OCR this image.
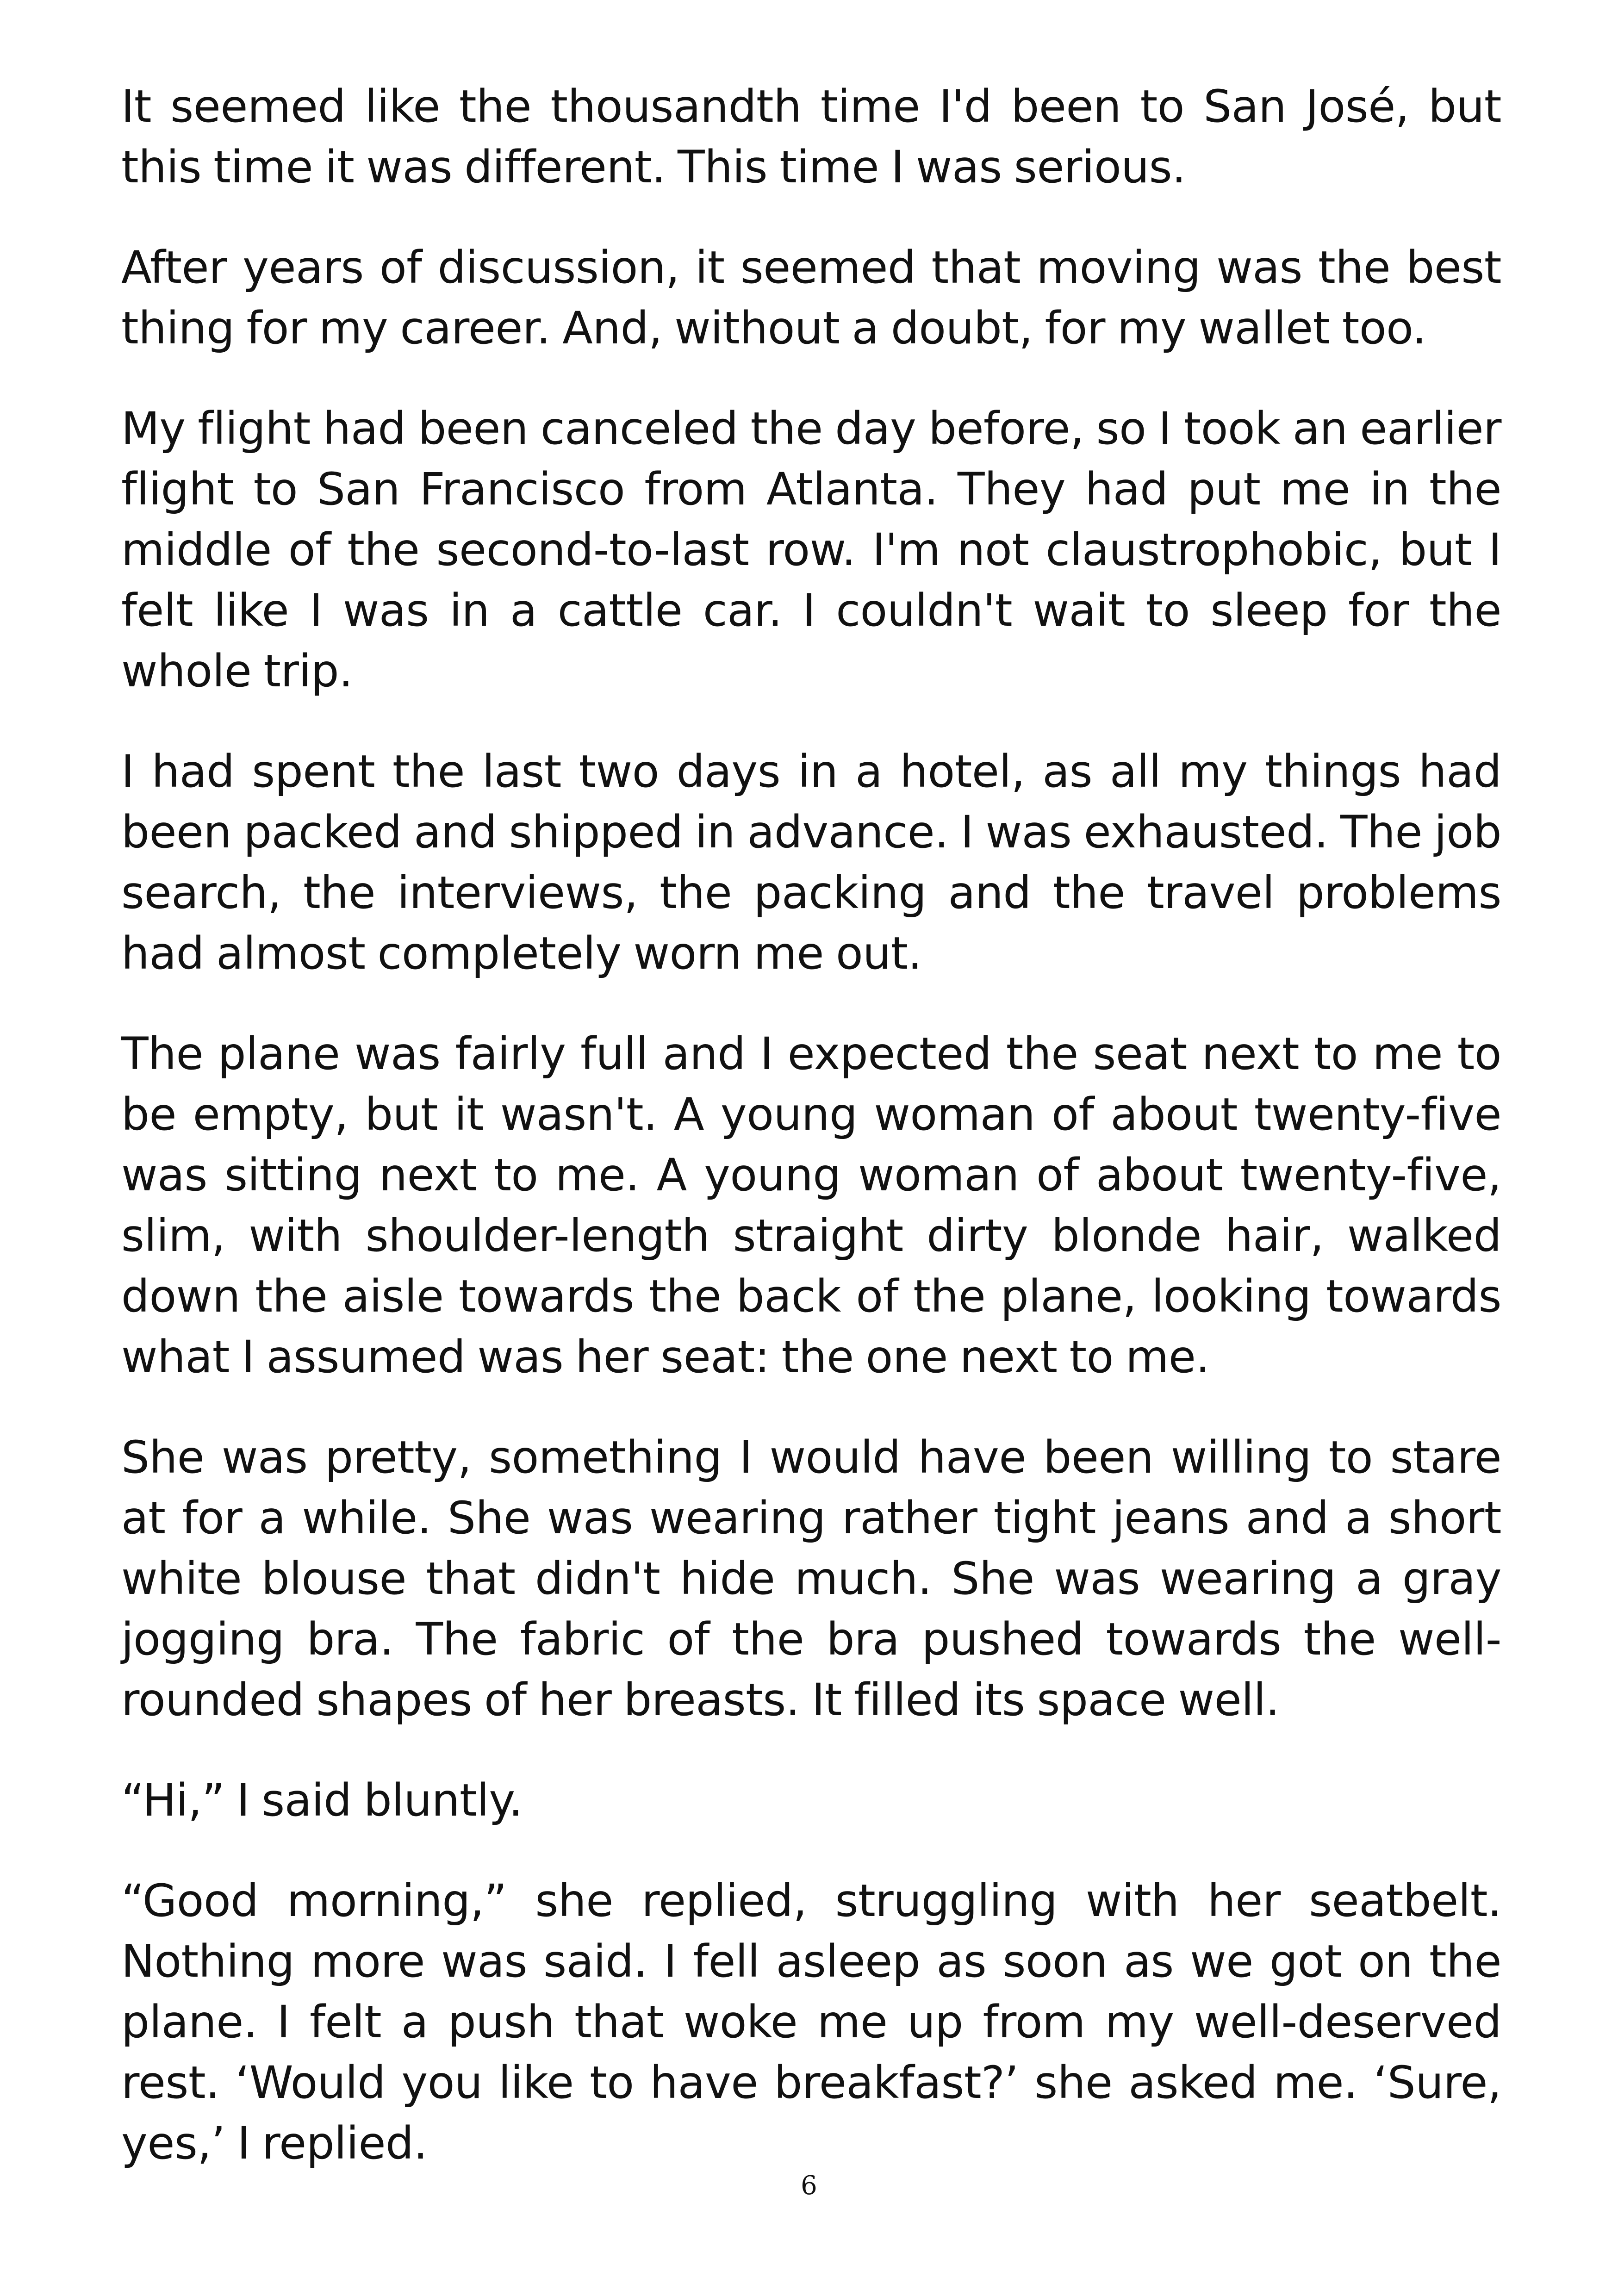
It seemed like the thousandth time I'd been to San José, but this time it was different. This time I was serious.

After years of discussion, it seemed that moving was the best thing for my career. And, without a doubt, for my wallet too.

My flight had been canceled the day before, so I took an earlier flight to San Francisco from Atlanta. They had put me in the middle of the second-to-last row. I'm not claustrophobic, but I felt like I was in a cattle car. I couldn't wait to sleep for the whole trip.

I had spent the last two days in a hotel, as all my things had been packed and shipped in advance. I was exhausted. The job search, the interviews, the packing and the travel problems had almost completely worn me out.

The plane was fairly full and I expected the seat next to me to be empty, but it wasn't. A young woman of about twenty-five was sitting next to me. A young woman of about twenty-five, slim, with shoulder-length straight dirty blonde hair, walked down the aisle towards the back of the plane, looking towards what I assumed was her seat: the one next to me.

She was pretty, something I would have been willing to stare at for a while. She was wearing rather tight jeans and a short white blouse that didn't hide much. She was wearing a gray jogging bra. The fabric of the bra pushed towards the well-rounded shapes of her breasts. It filled its space well.

“Hi,” I said bluntly.

“Good morning,” she replied, struggling with her seatbelt. Nothing more was said. I fell asleep as soon as we got on the plane. I felt a push that woke me up from my well-deserved rest. ‘Would you like to have breakfast?’ she asked me. ‘Sure, yes,’ I replied.

6
